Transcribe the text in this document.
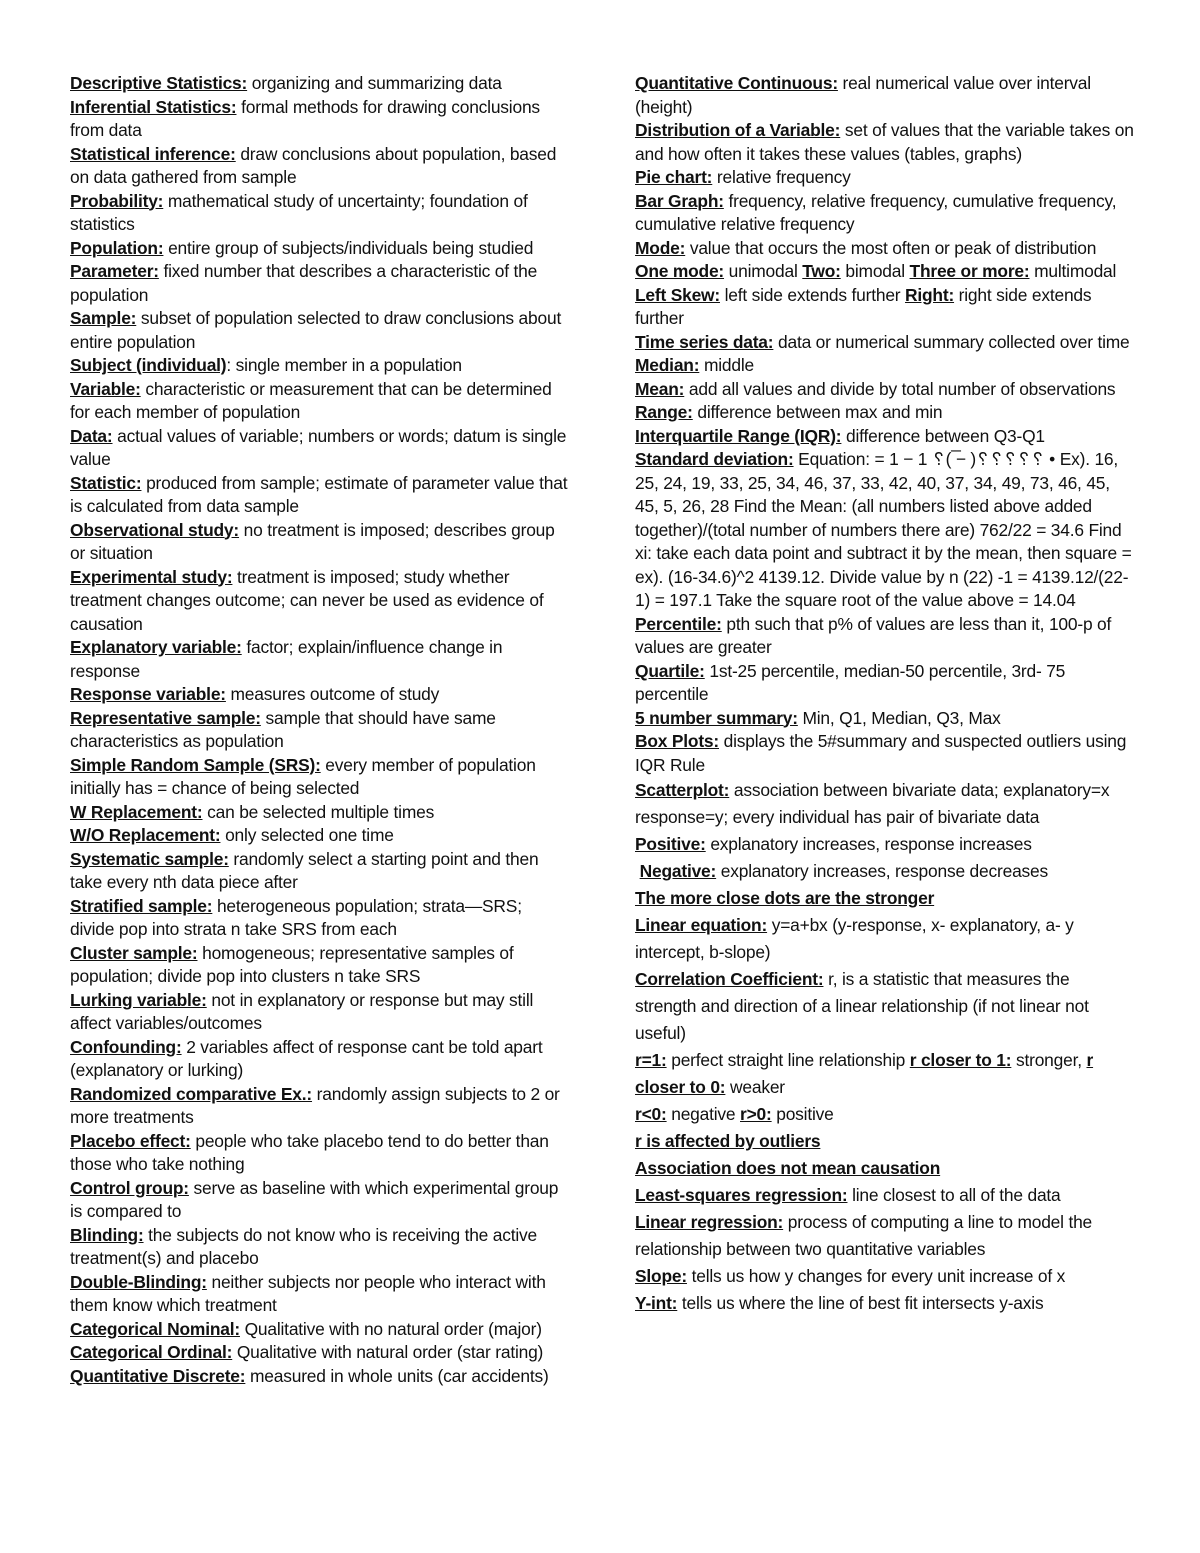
Descriptive Statistics: organizing and summarizing data

Inferential Statistics: formal methods for drawing conclusions from data

Statistical inference: draw conclusions about population, based on data gathered from sample

Probability: mathematical study of uncertainty; foundation of statistics

Population: entire group of subjects/individuals being studied

Parameter: fixed number that describes a characteristic of the population

Sample: subset of population selected to draw conclusions about entire population

Subject (individual): single member in a population

Variable: characteristic or measurement that can be determined for each member of population

Data: actual values of variable; numbers or words; datum is single value

Statistic: produced from sample; estimate of parameter value that is calculated from data sample

Observational study: no treatment is imposed; describes group or situation

Experimental study: treatment is imposed; study whether treatment changes outcome; can never be used as evidence of causation

Explanatory variable: factor; explain/influence change in response

Response variable: measures outcome of study

Representative sample: sample that should have same characteristics as population

Simple Random Sample (SRS): every member of population initially has = chance of being selected

W Replacement: can be selected multiple times

W/O Replacement: only selected one time

Systematic sample: randomly select a starting point and then take every nth data piece after

Stratified sample: heterogeneous population; strata—SRS; divide pop into strata n take SRS from each

Cluster sample: homogeneous; representative samples of population; divide pop into clusters n take SRS

Lurking variable: not in explanatory or response but may still affect variables/outcomes

Confounding: 2 variables affect of response cant be told apart (explanatory or lurking)

Randomized comparative Ex.: randomly assign subjects to 2 or more treatments

Placebo effect: people who take placebo tend to do better than those who take nothing

Control group: serve as baseline with which experimental group is compared to

Blinding: the subjects do not know who is receiving the active treatment(s) and placebo

Double-Blinding: neither subjects nor people who interact with them know which treatment

Categorical Nominal: Qualitative with no natural order (major)

Categorical Ordinal: Qualitative with natural order (star rating)

Quantitative Discrete: measured in whole units (car accidents)

Quantitative Continuous: real numerical value over interval (height)

Distribution of a Variable: set of values that the variable takes on and how often it takes these values (tables, graphs)

Pie chart: relative frequency

Bar Graph: frequency, relative frequency, cumulative frequency, cumulative relative frequency

Mode: value that occurs the most often or peak of distribution

One mode: unimodal Two: bimodal Three or more: multimodal

Left Skew: left side extends further Right: right side extends further

Time series data: data or numerical summary collected over time

Median: middle

Mean: add all values and divide by total number of observations

Range: difference between max and min

Interquartile Range (IQR): difference between Q3-Q1

Standard deviation: Equation: = 1 − 1 ␦( ̅− )␦␦␦␦␦ • Ex). 16, 25, 24, 19, 33, 25, 34, 46, 37, 33, 42, 40, 37, 34, 49, 73, 46, 45, 45, 5, 26, 28 Find the Mean: (all numbers listed above added together)/(total number of numbers there are) 762/22 = 34.6 Find xi: take each data point and subtract it by the mean, then square = ex). (16-34.6)^2 4139.12. Divide value by n (22) -1 = 4139.12/(22-1) = 197.1 Take the square root of the value above = 14.04

Percentile: pth such that p% of values are less than it, 100-p of values are greater

Quartile: 1st-25 percentile, median-50 percentile, 3rd- 75 percentile

5 number summary: Min, Q1, Median, Q3, Max

Box Plots: displays the 5#summary and suspected outliers using IQR Rule

Scatterplot: association between bivariate data; explanatory=x response=y; every individual has pair of bivariate data

Positive: explanatory increases, response increases

Negative: explanatory increases, response decreases

The more close dots are the stronger

Linear equation: y=a+bx (y-response, x- explanatory, a- y intercept, b-slope)

Correlation Coefficient: r, is a statistic that measures the strength and direction of a linear relationship (if not linear not useful)

r=1: perfect straight line relationship r closer to 1: stronger, r closer to 0: weaker

r<0: negative r>0: positive

r is affected by outliers

Association does not mean causation

Least-squares regression: line closest to all of the data

Linear regression: process of computing a line to model the relationship between two quantitative variables

Slope: tells us how y changes for every unit increase of x

Y-int: tells us where the line of best fit intersects y-axis
